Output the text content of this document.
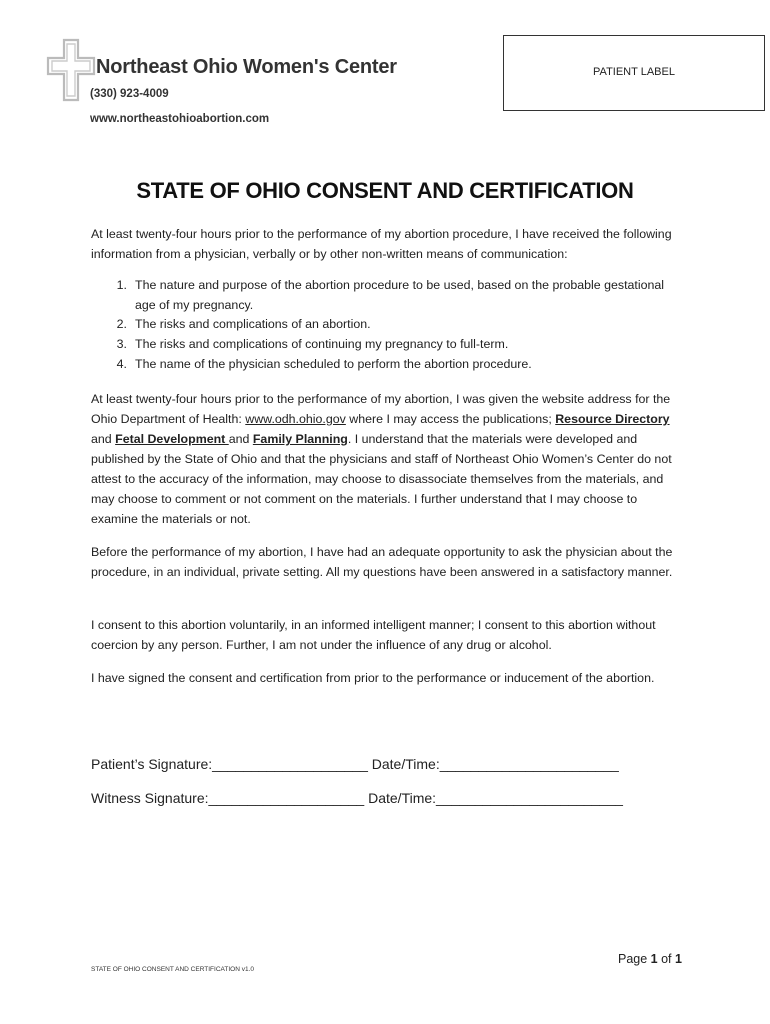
Northeast Ohio Women's Center
(330) 923-4009
www.northeastohioabortion.com
PATIENT LABEL
STATE OF OHIO CONSENT AND CERTIFICATION
At least twenty-four hours prior to the performance of my abortion procedure, I have received the following information from a physician, verbally or by other non-written means of communication:
1. The nature and purpose of the abortion procedure to be used, based on the probable gestational age of my pregnancy.
2. The risks and complications of an abortion.
3. The risks and complications of continuing my pregnancy to full-term.
4. The name of the physician scheduled to perform the abortion procedure.
At least twenty-four hours prior to the performance of my abortion, I was given the website address for the Ohio Department of Health: www.odh.ohio.gov where I may access the publications; Resource Directory and Fetal Development and Family Planning. I understand that the materials were developed and published by the State of Ohio and that the physicians and staff of Northeast Ohio Women’s Center do not attest to the accuracy of the information, may choose to disassociate themselves from the materials, and may choose to comment or not comment on the materials. I further understand that I may choose to examine the materials or not.
Before the performance of my abortion, I have had an adequate opportunity to ask the physician about the procedure, in an individual, private setting. All my questions have been answered in a satisfactory manner.
I consent to this abortion voluntarily, in an informed intelligent manner; I consent to this abortion without coercion by any person. Further, I am not under the influence of any drug or alcohol.
I have signed the consent and certification from prior to the performance or inducement of the abortion.
Patient’s Signature:____________________ Date/Time:_______________________
Witness Signature:____________________ Date/Time:________________________
Page 1 of 1
STATE OF OHIO CONSENT AND CERTIFICATION v1.0
